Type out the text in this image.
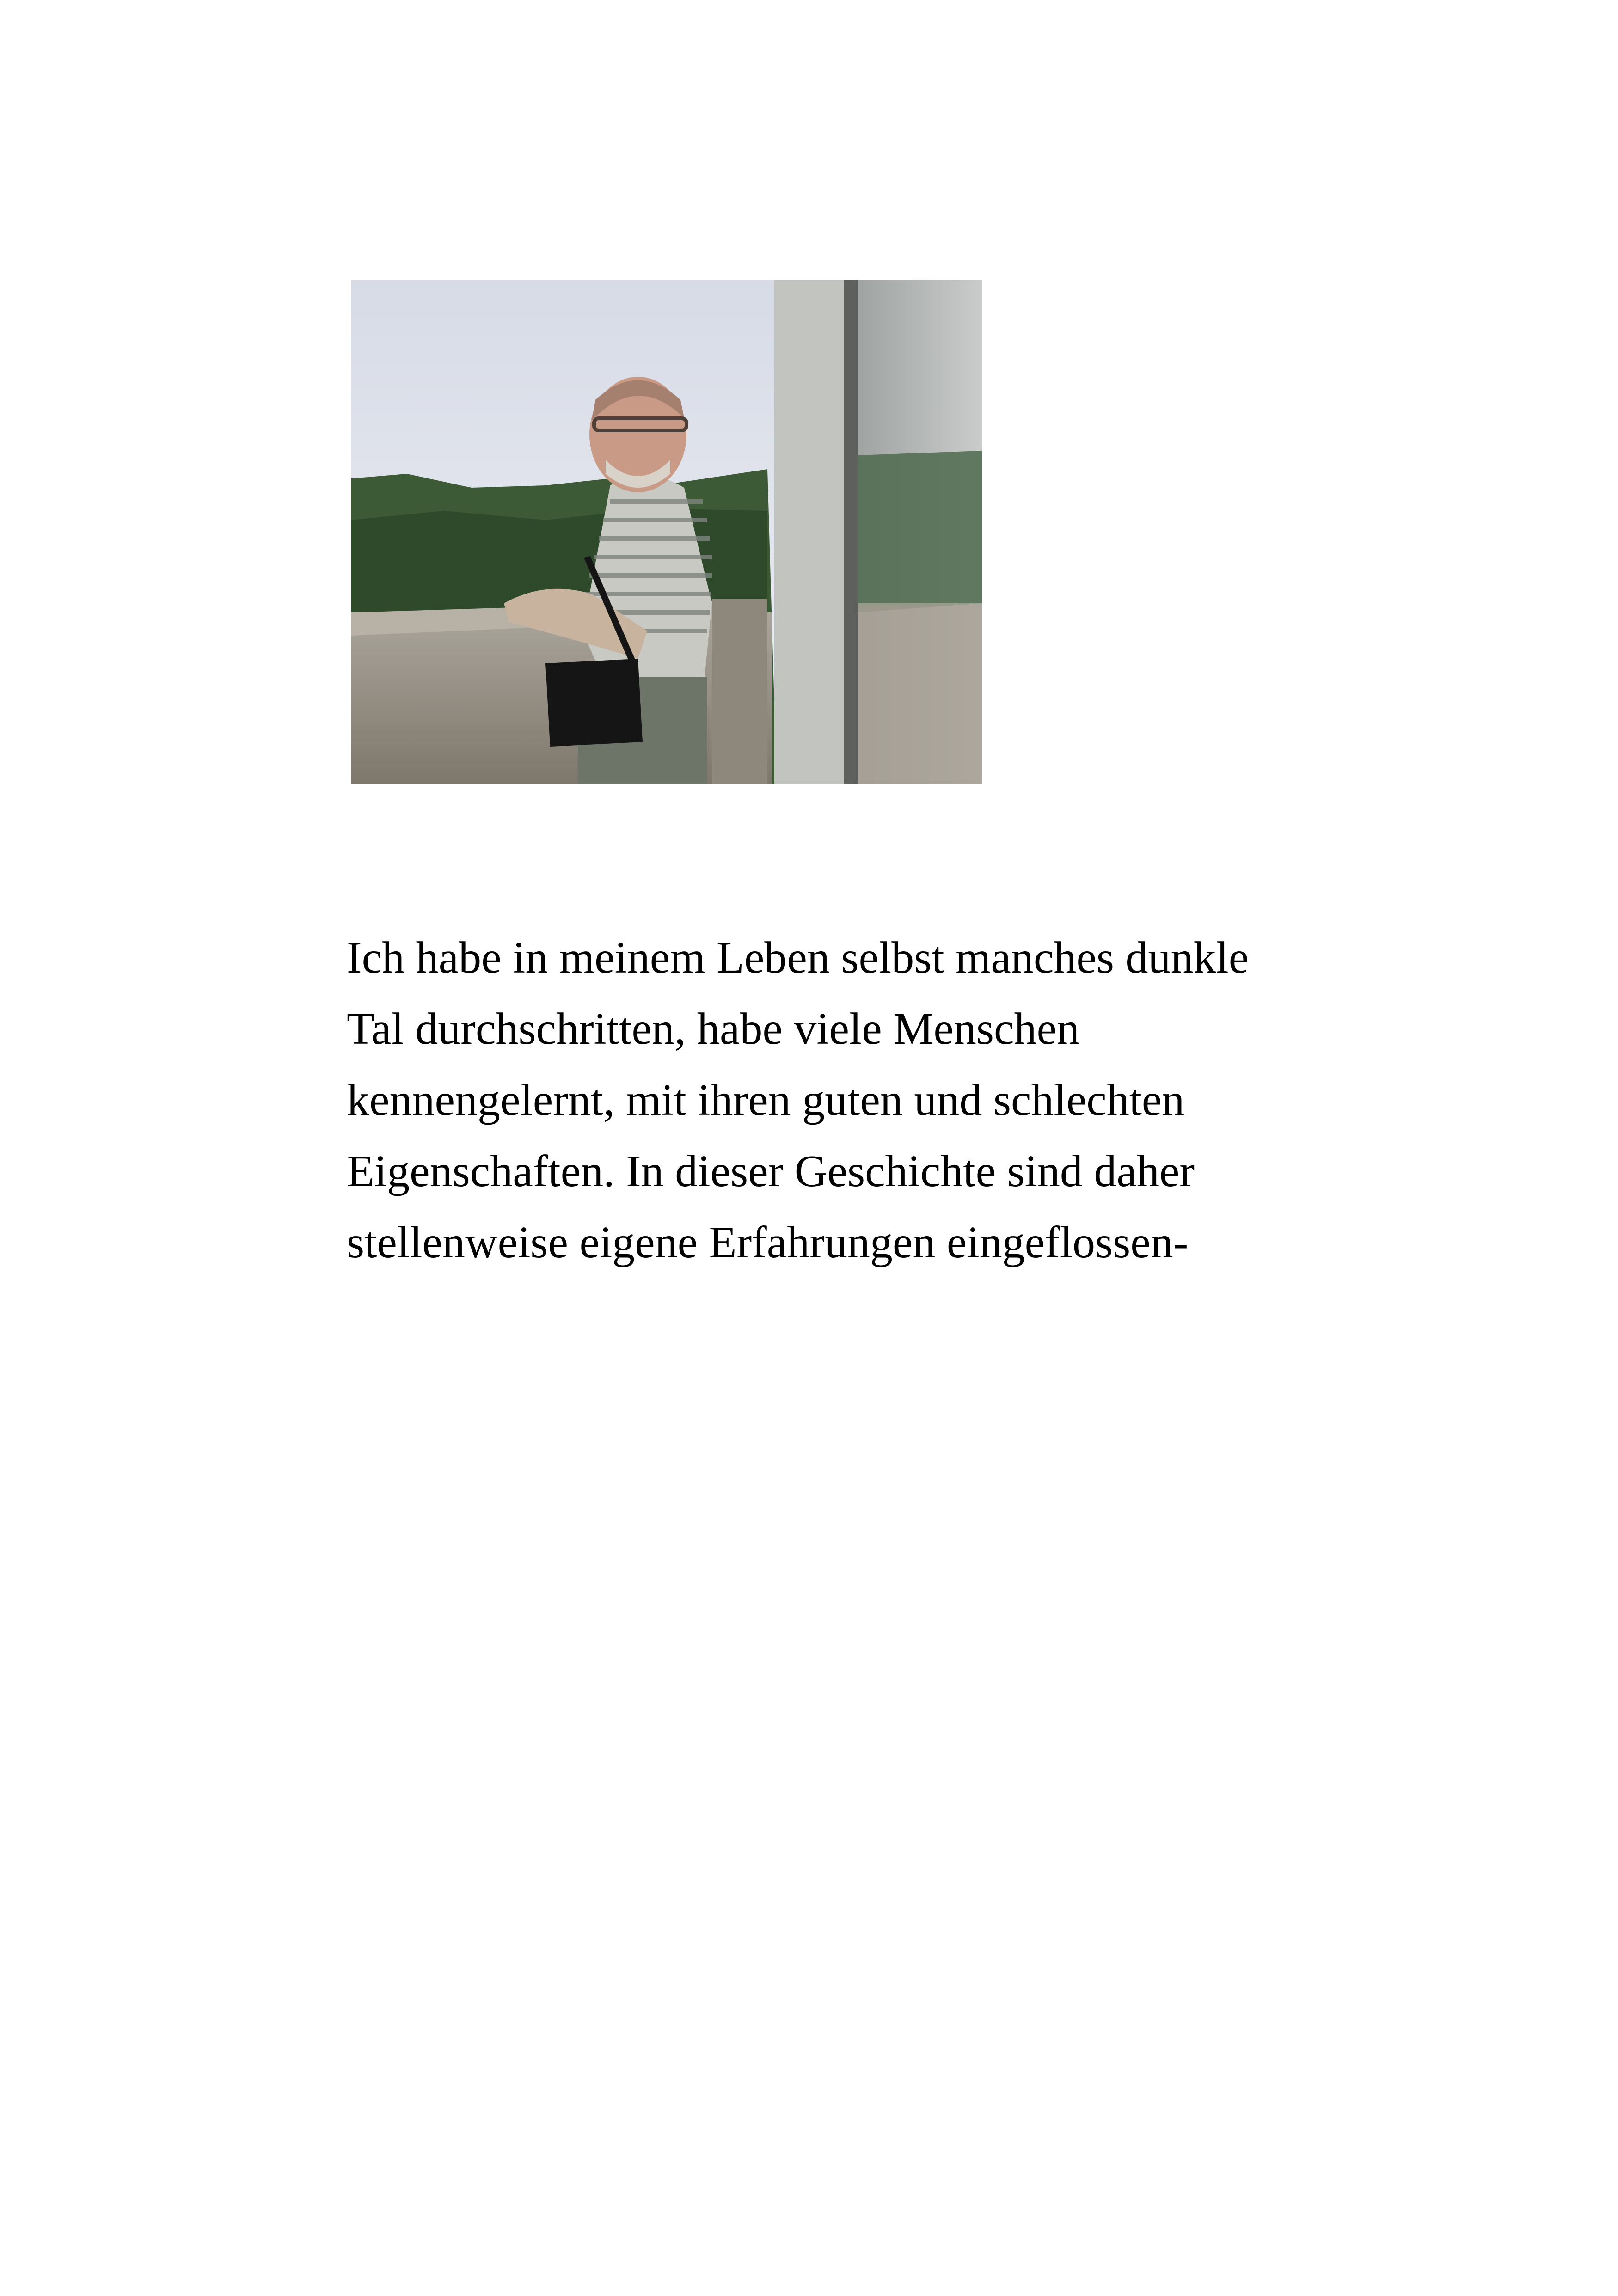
Ich habe in meinem Leben selbst manches dunkle
Tal durchschritten, habe viele Menschen
kennengelernt, mit ihren guten und schlechten
Eigenschaften. In dieser Geschichte sind daher
stellenweise eigene Erfahrungen eingeflossen-
